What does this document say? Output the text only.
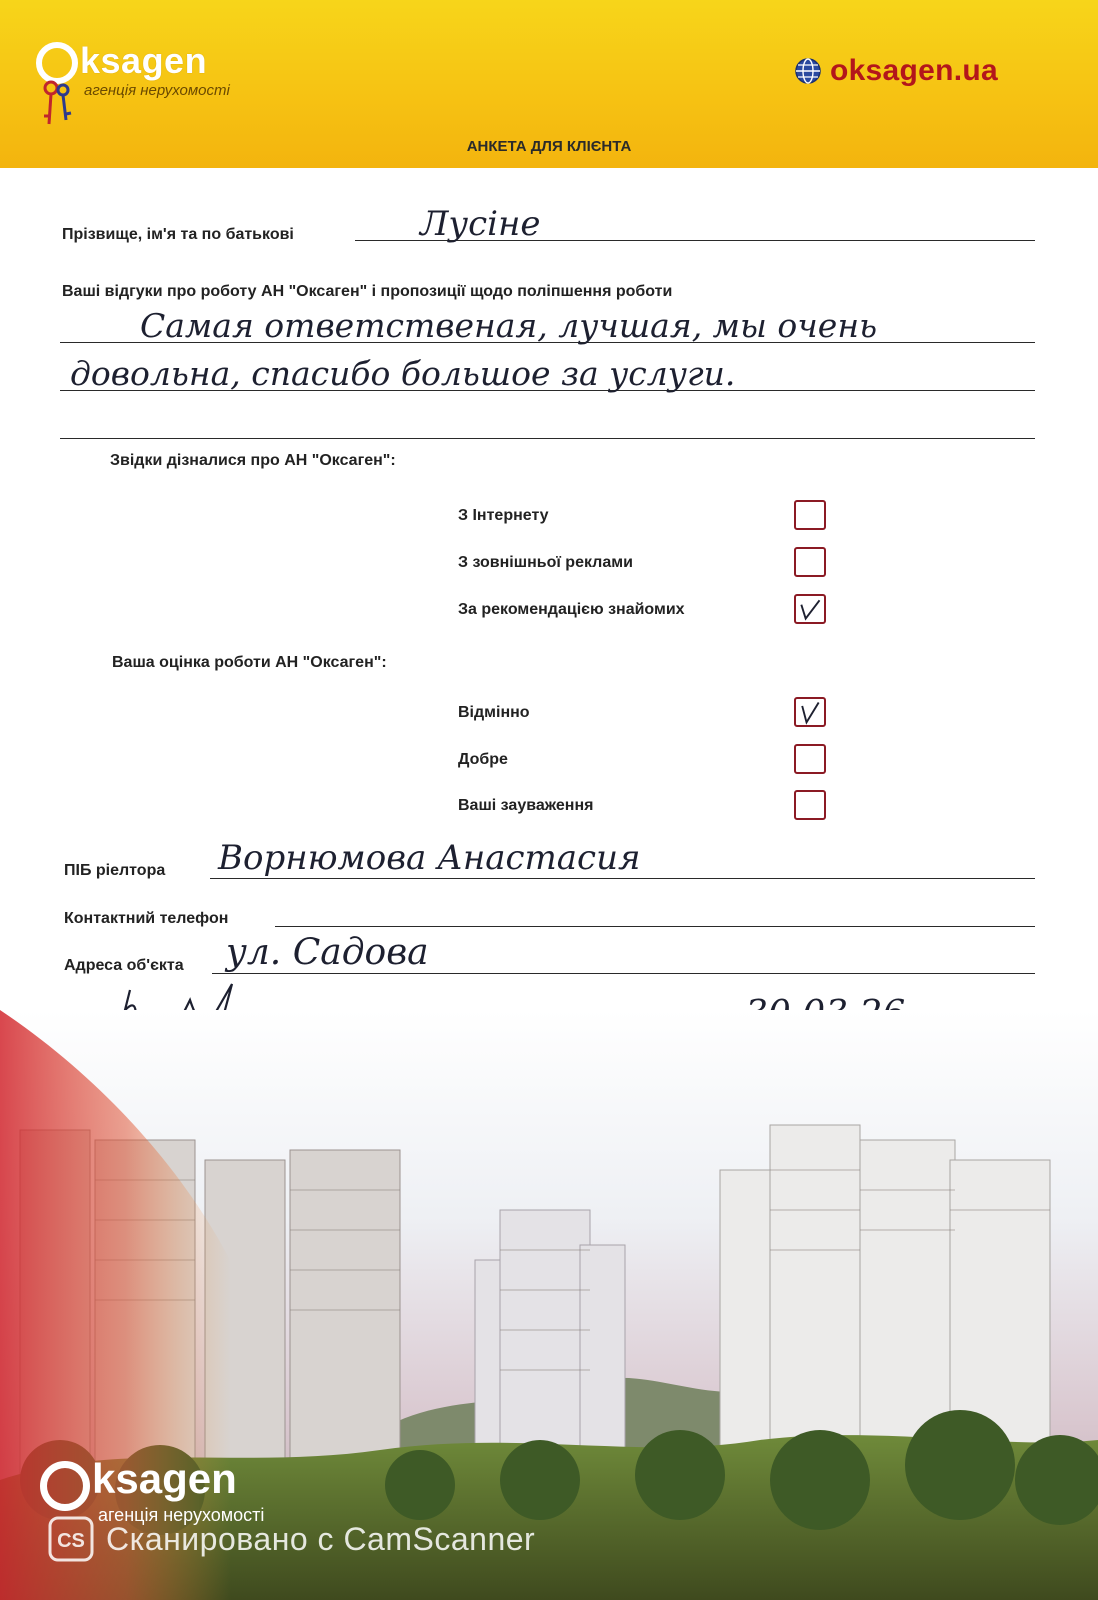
ksagen
агенція нерухомості
oksagen.ua
АНКЕТА ДЛЯ КЛІЄНТА
Прізвище, ім'я та по батькові	Лусіне
Ваші відгуки про роботу АН "Оксаген" і пропозиції щодо поліпшення роботи
Самая ответственая, лучшая, мы очень
довольна, спасибо большое за услуги.
Звідки дізналися про АН "Оксаген":
З Інтернету
З зовнішньої реклами
За рекомендацією знайомих
Ваша оцінка роботи АН "Оксаген":
Відмінно
Добре
Ваші зауваження
ПІБ ріелтора Ворнюмова Анастасия
Контактний телефон
Адреса об'єкта ул. Садова
ksagen
агенція нерухомості
CS Сканировано с CamScanner
